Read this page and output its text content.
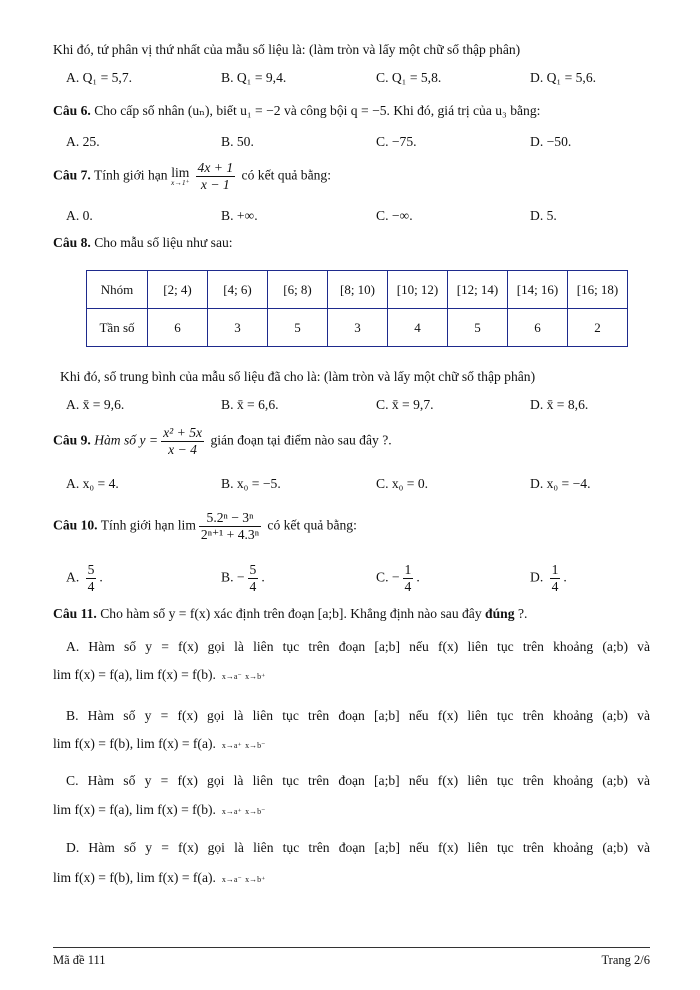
Khi đó, tứ phân vị thứ nhất của mẫu số liệu là: (làm tròn và lấy một chữ số thập phân)
A. Q₁ = 5,7.	B. Q₁ = 9,4.	C. Q₁ = 5,8.	D. Q₁ = 5,6.
Câu 6. Cho cấp số nhân (uₙ), biết u₁ = −2 và công bội q = −5. Khi đó, giá trị của u₃ bằng:
A. 25.	B. 50.	C. −75.	D. −50.
Câu 7. Tính giới hạn lim
$x\to 1^+ \frac{4x + 1}{x - 1}$ có kết quả bằng:
A. 0.	B. +∞.	C. −∞.	D. 5.
Câu 8. Cho mẫu số liệu như sau:
Nhóm	[2; 4)	[4; 6)	[6; 8)	[8; 10)	[10; 12)	[12; 14)	[14; 16)	[16; 18)
Tần số	6	3	5	3	4	5	6	2
Khi đó, số trung bình của mẫu số liệu đã cho là: (làm tròn và lấy một chữ số thập phân)
A. x̄ = 9,6.	B. x̄ = 6,6.	C. x̄ = 9,7.	D. x̄ = 8,6.
Câu 9. Hàm số $y = \frac{\text{x² + 5x}}{x - 4}$ gián đoạn tại điểm nào sau đây ?.
A. x₀ = 4.	B. x₀ = −5.	C. x₀ = 0.	D. x₀ = −4.
Câu 10. Tính giới hạn $\lim \frac{\text{5.2ⁿ − 3ⁿ}}{\text{2ⁿ⁺¹ + 4.3ⁿ}}$ có kết quả bằng:
A. $\frac{5}{4}$ .	B. − $\frac{5}{4}$ .	C. − $\frac{1}{4}$ .	D. $\frac{1}{4}$ .
Câu 11. Cho hàm số y = f(x) xác định trên đoạn [a;b]. Khẳng định nào sau đây đúng ?.
A. Hàm số y = f(x) gọi là liên tục trên đoạn [a;b] nếu f(x) liên tục trên khoảng (a;b) và
lim f(x) = f(a), lim f(x) = f(b). x→a⁻ x→b⁺
B. Hàm số y = f(x) gọi là liên tục trên đoạn [a;b] nếu f(x) liên tục trên khoảng (a;b) và
lim f(x) = f(b), lim f(x) = f(a). x→a⁺ x→b⁻
C. Hàm số y = f(x) gọi là liên tục trên đoạn [a;b] nếu f(x) liên tục trên khoảng (a;b) và
lim f(x) = f(a), lim f(x) = f(b). x→a⁺ x→b⁻
D. Hàm số y = f(x) gọi là liên tục trên đoạn [a;b] nếu f(x) liên tục trên khoảng (a;b) và
lim f(x) = f(b), lim f(x) = f(a). x→a⁻ x→b⁺
Mã đề 111	Trang 2/6
